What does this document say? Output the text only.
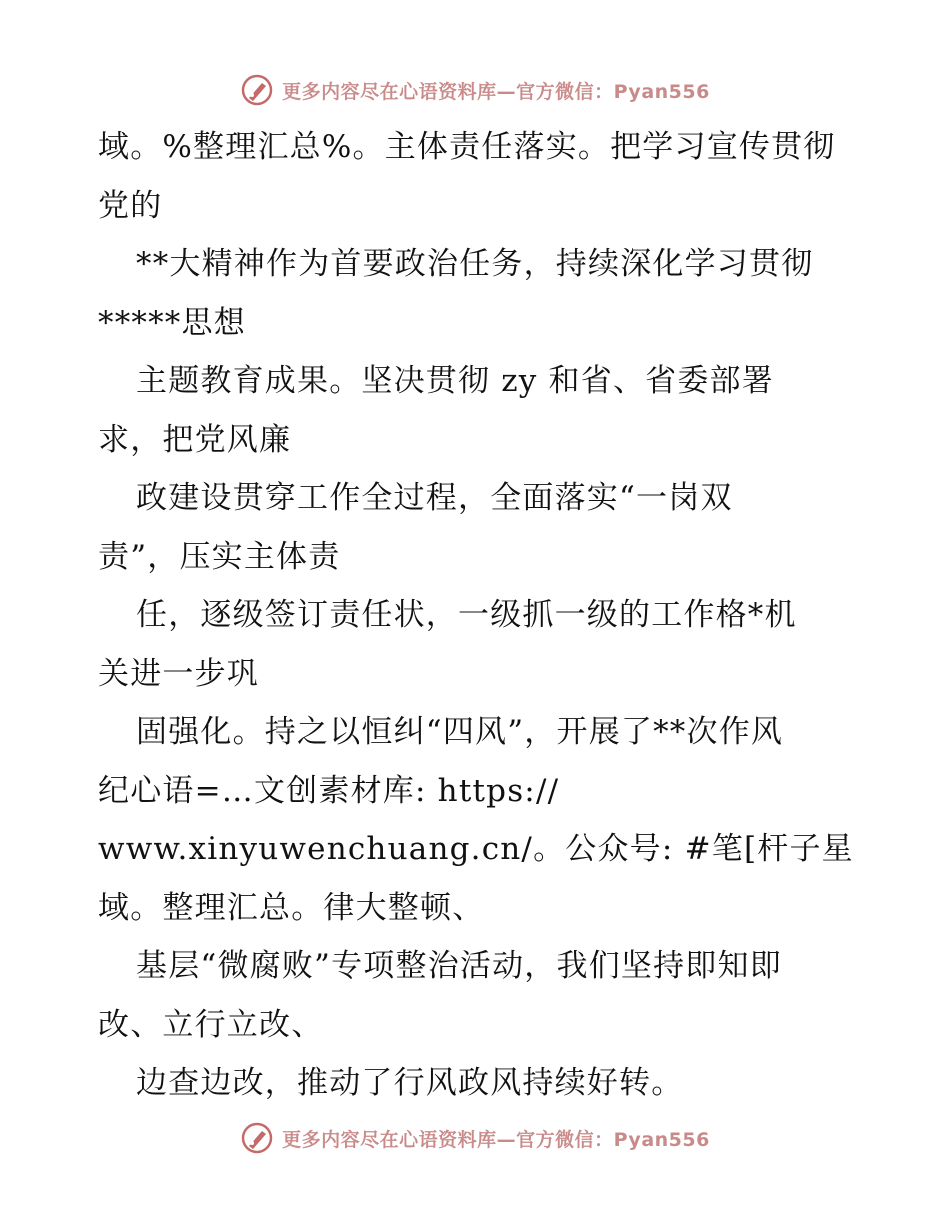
更多内容尽在心语资料库—官方微信：Pyan556
域。%整理汇总%。主体责任落实。把学习宣传贯彻
党的
**大精神作为首要政治任务，持续深化学习贯彻
*****思想
主题教育成果。坚决贯彻 zy 和省、省委部署
求，把党风廉
政建设贯穿工作全过程，全面落实“一岗双
责”，压实主体责
任，逐级签订责任状，一级抓一级的工作格*机
关进一步巩
固强化。持之以恒纠“四风”，开展了**次作风
纪心语=…文创素材库: https://
www.xinyuwenchuang.cn/。公众号: #笔[杆子星
域。整理汇总。律大整顿、
基层“微腐败”专项整治活动，我们坚持即知即
改、立行立改、
边查边改，推动了行风政风持续好转。
更多内容尽在心语资料库—官方微信：Pyan556
